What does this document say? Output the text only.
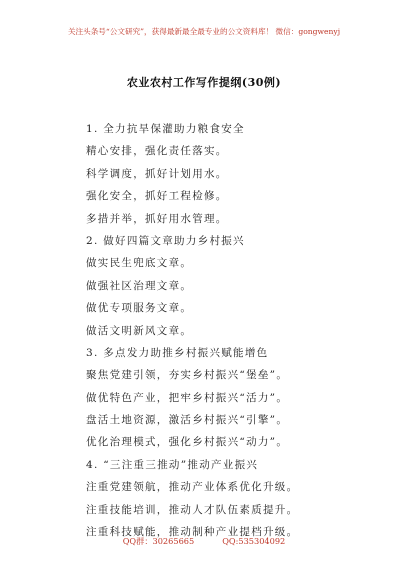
关注头条号“公文研究”，获得最新最全最专业的公文资料库！ 微信：gongwenyj
农业农村工作写作提纲(30例)
1. 全力抗旱保灌助力粮食安全
精心安排，强化责任落实。
科学调度，抓好计划用水。
强化安全，抓好工程检修。
多措并举，抓好用水管理。
2. 做好四篇文章助力乡村振兴
做实民生兜底文章。
做强社区治理文章。
做优专项服务文章。
做活文明新风文章。
3. 多点发力助推乡村振兴赋能增色
聚焦党建引领，夯实乡村振兴“堡垒”。
做优特色产业，把牢乡村振兴“活力”。
盘活土地资源，激活乡村振兴“引擎”。
优化治理模式，强化乡村振兴“动力”。
4. “三注重三推动”推动产业振兴
注重党建领航，推动产业体系优化升级。
注重技能培训，推动人才队伍素质提升。
注重科技赋能，推动制种产业提档升级。
QQ群：30265665	QQ:535304092
